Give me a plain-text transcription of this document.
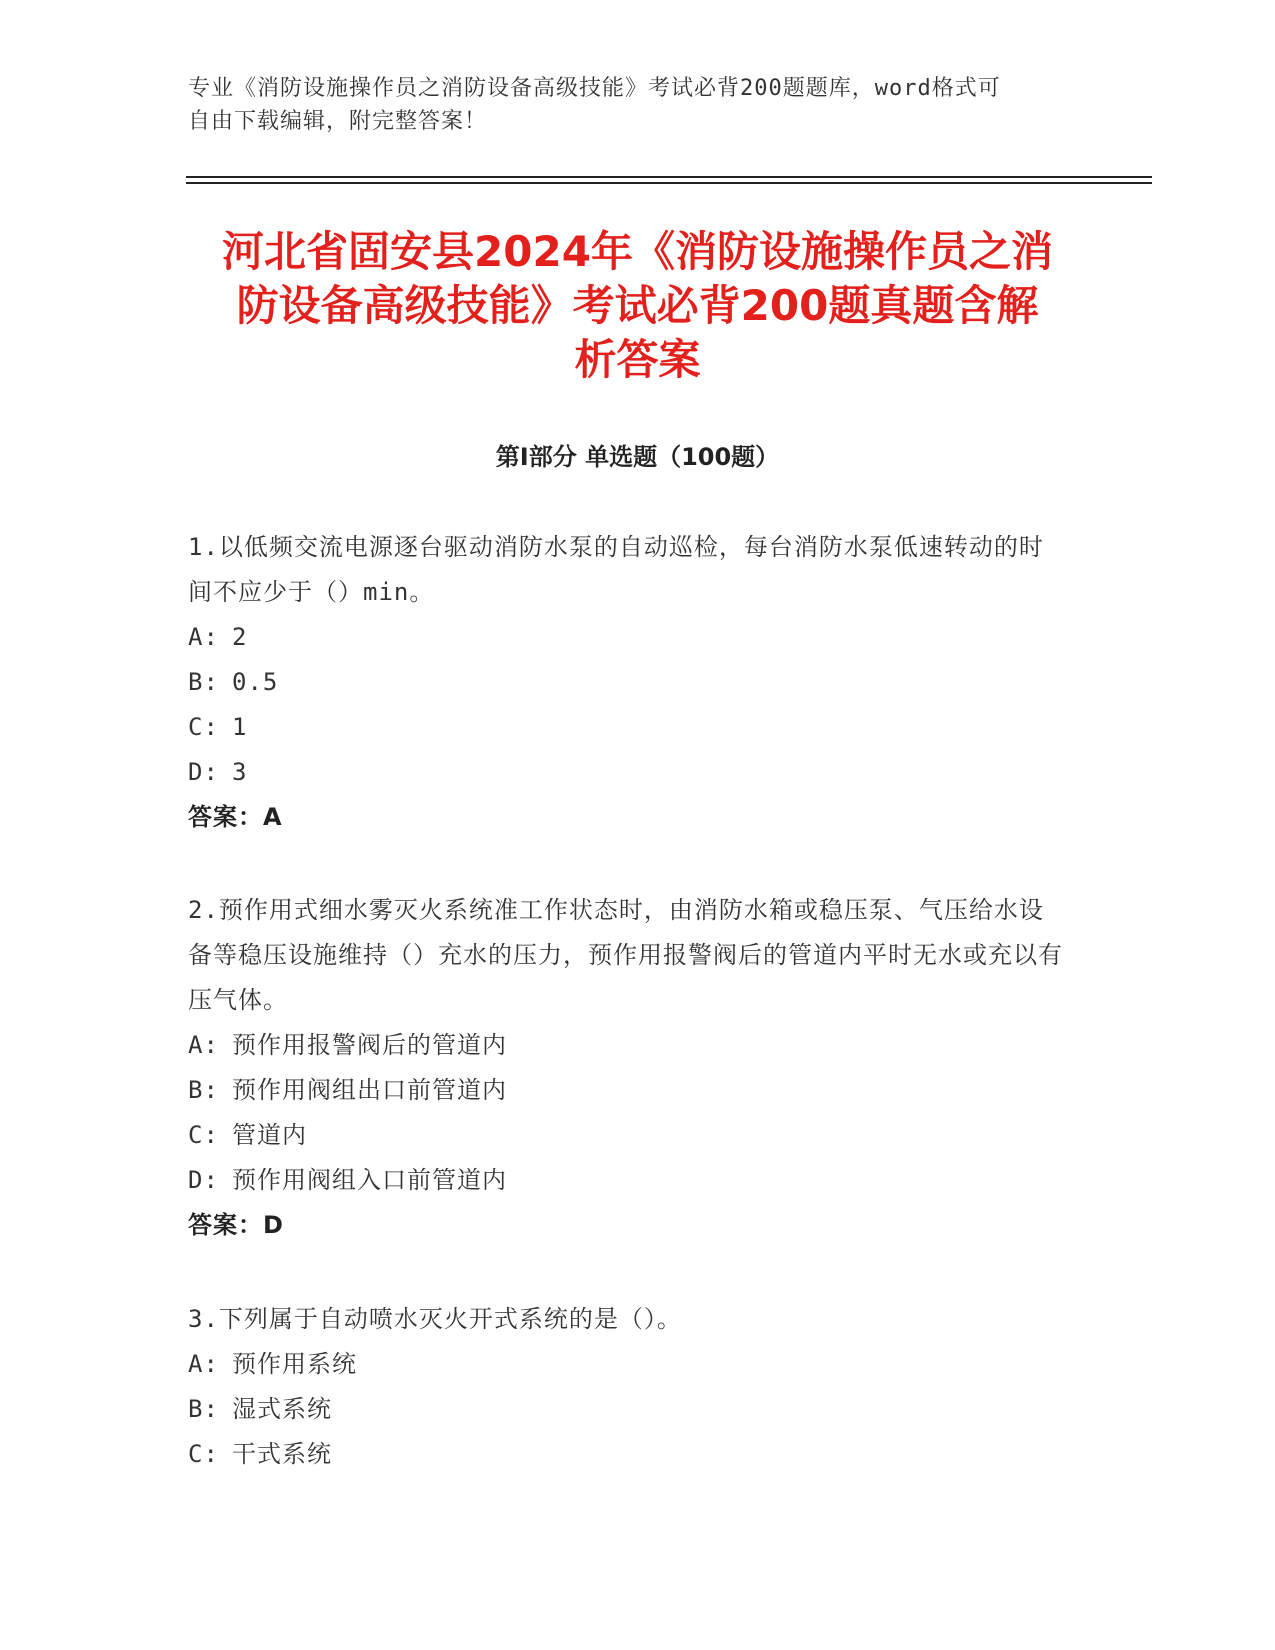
专业《消防设施操作员之消防设备高级技能》考试必背200题题库，word格式可
自由下载编辑，附完整答案！
河北省固安县2024年《消防设施操作员之消
防设备高级技能》考试必背200题真题含解
析答案
第Ⅰ部分 单选题（100题）
1.以低频交流电源逐台驱动消防水泵的自动巡检，每台消防水泵低速转动的时间不应少于（）min。
A: 2
B: 0.5
C: 1
D: 3
答案：A
2.预作用式细水雾灭火系统准工作状态时，由消防水箱或稳压泵、气压给水设备等稳压设施维持（）充水的压力，预作用报警阀后的管道内平时无水或充以有压气体。
A: 预作用报警阀后的管道内
B: 预作用阀组出口前管道内
C: 管道内
D: 预作用阀组入口前管道内
答案：D
3.下列属于自动喷水灭火开式系统的是（）。
A: 预作用系统
B: 湿式系统
C: 干式系统
